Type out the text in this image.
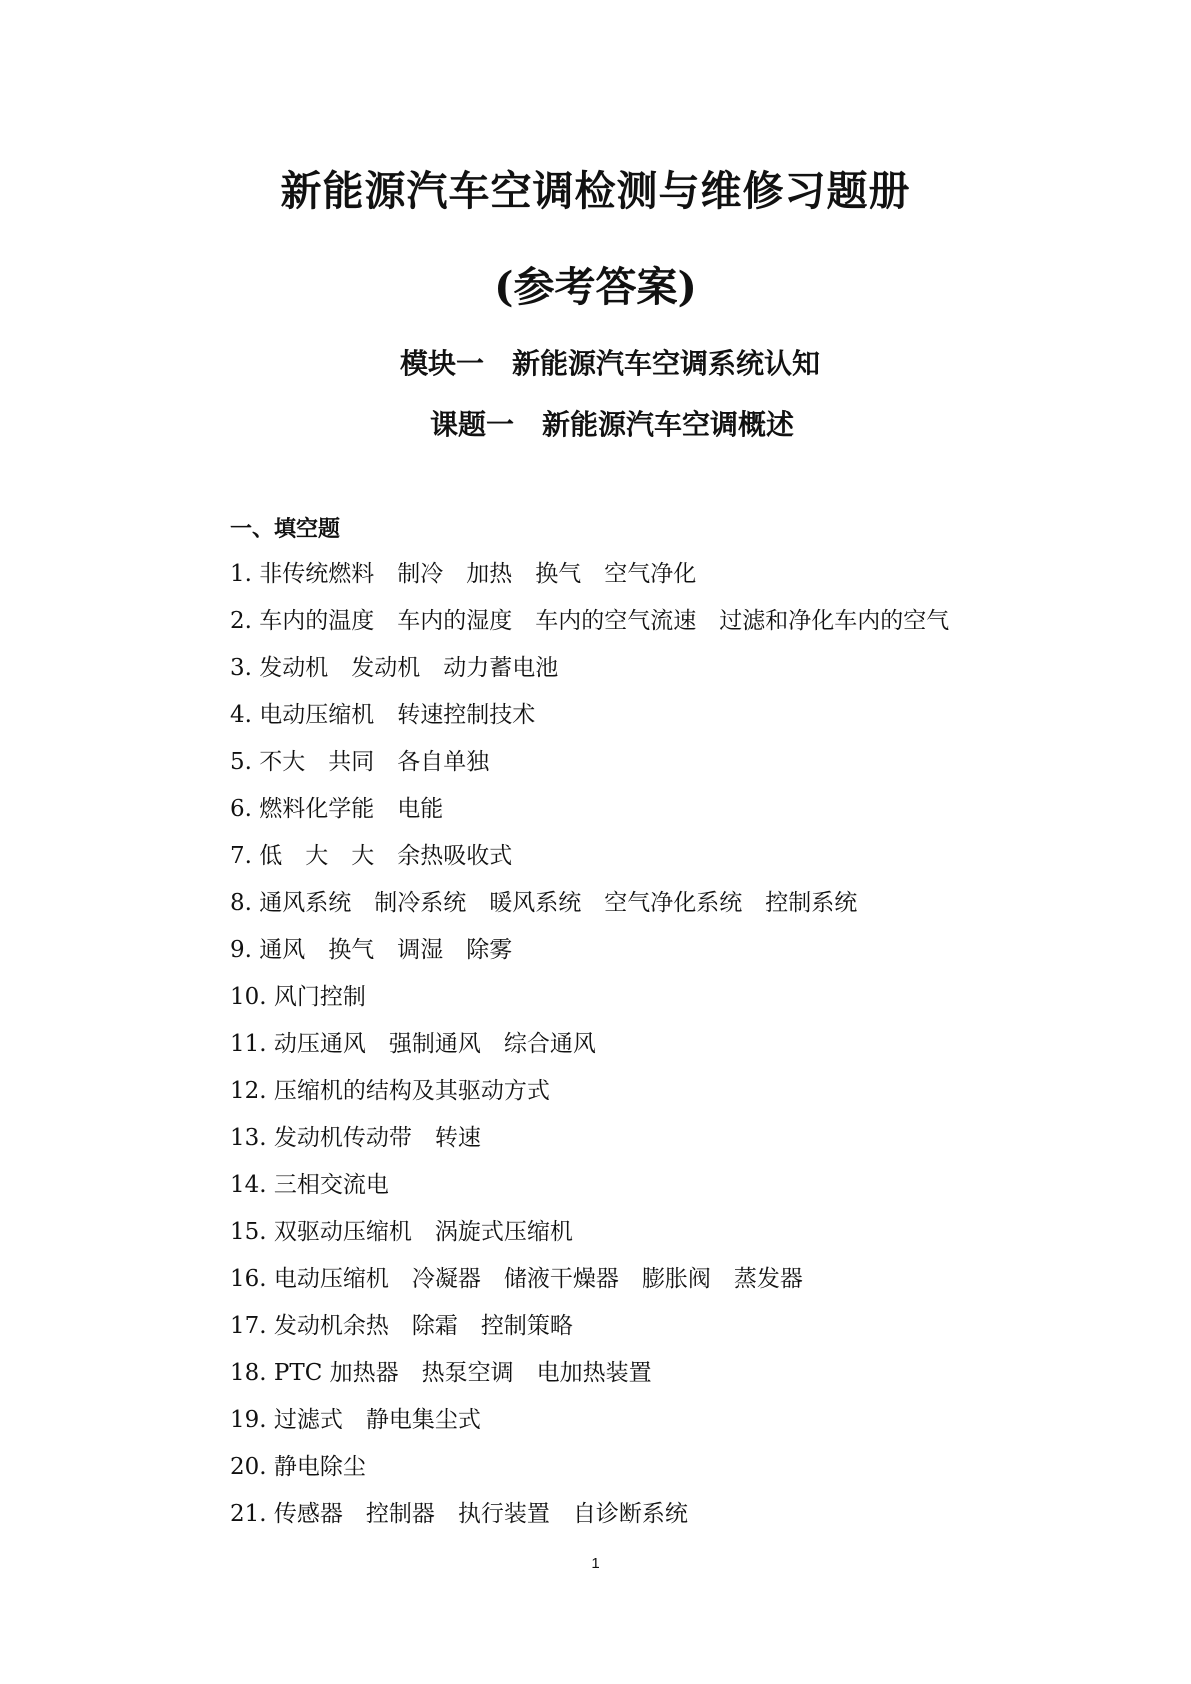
新能源汽车空调检测与维修习题册
(参考答案)
模块一　新能源汽车空调系统认知
课题一　新能源汽车空调概述
一、填空题
1. 非传统燃料　制冷　加热　换气　空气净化
2. 车内的温度　车内的湿度　车内的空气流速　过滤和净化车内的空气
3. 发动机　发动机　动力蓄电池
4. 电动压缩机　转速控制技术
5. 不大　共同　各自单独
6. 燃料化学能　电能
7. 低　大　大　余热吸收式
8. 通风系统　制冷系统　暖风系统　空气净化系统　控制系统
9. 通风　换气　调湿　除雾
10. 风门控制
11. 动压通风　强制通风　综合通风
12. 压缩机的结构及其驱动方式
13. 发动机传动带　转速
14. 三相交流电
15. 双驱动压缩机　涡旋式压缩机
16. 电动压缩机　冷凝器　储液干燥器　膨胀阀　蒸发器
17. 发动机余热　除霜　控制策略
18. PTC 加热器　热泵空调　电加热装置
19. 过滤式　静电集尘式
20. 静电除尘
21. 传感器　控制器　执行装置　自诊断系统
1
